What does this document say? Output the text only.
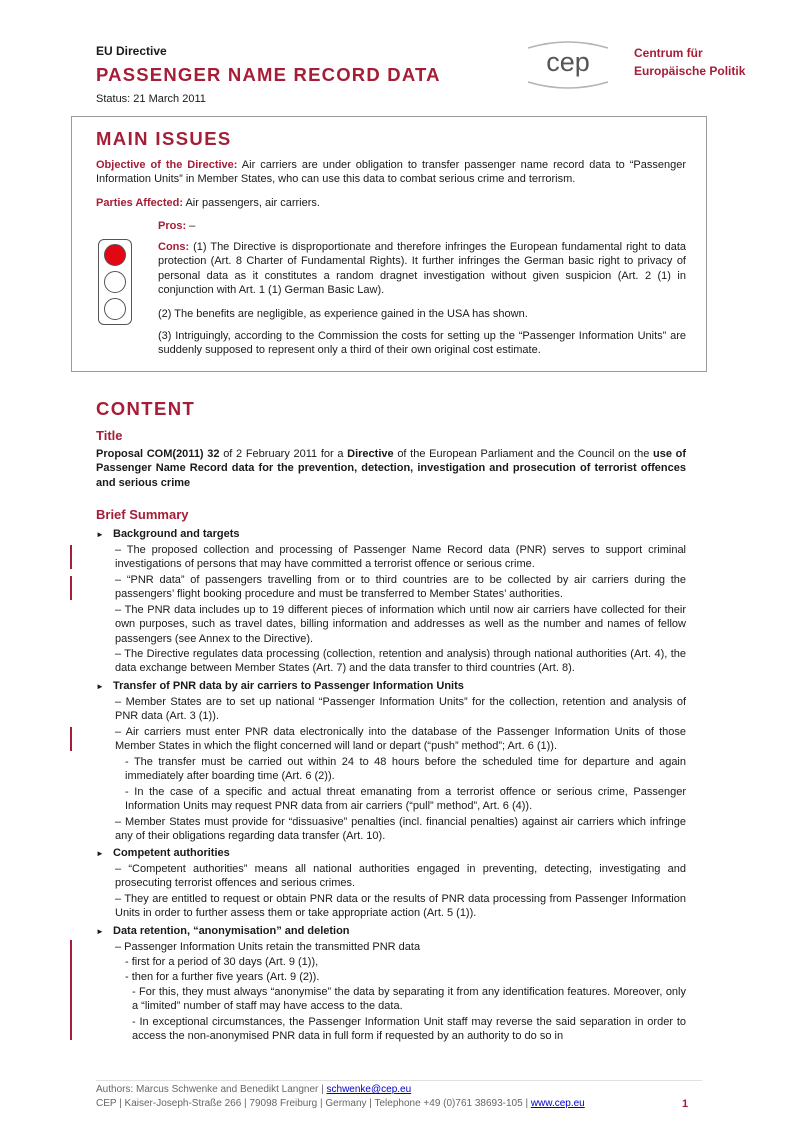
EU Directive
PASSENGER NAME RECORD DATA
Status: 21 March 2011
cep	Centrum für
Europäische Politik
MAIN ISSUES
Objective of the Directive: Air carriers are under obligation to transfer passenger name record data to “Passenger Information Units” in Member States, who can use this data to combat serious crime and terrorism.
Parties Affected: Air passengers, air carriers.
Pros: –
Cons: (1) The Directive is disproportionate and therefore infringes the European fundamental right to data protection (Art. 8 Charter of Fundamental Rights). It further infringes the German basic right to privacy of personal data as it constitutes a random dragnet investigation without given suspicion (Art. 2 (1) in conjunction with Art. 1 (1) German Basic Law).
(2) The benefits are negligible, as experience gained in the USA has shown.
(3) Intriguingly, according to the Commission the costs for setting up the “Passenger Information Units” are suddenly supposed to represent only a third of their own original cost estimate.
CONTENT
Title
Proposal COM(2011) 32 of 2 February 2011 for a Directive of the European Parliament and the Council on the use of Passenger Name Record data for the prevention, detection, investigation and prosecution of terrorist offences and serious crime
Brief Summary
► Background and targets
– The proposed collection and processing of Passenger Name Record data (PNR) serves to support criminal investigations of persons that may have committed a terrorist offence or serious crime.
– “PNR data” of passengers travelling from or to third countries are to be collected by air carriers during the passengers’ flight booking procedure and must be transferred to Member States’ authorities.
– The PNR data includes up to 19 different pieces of information which until now air carriers have collected for their own purposes, such as travel dates, billing information and addresses as well as the number and names of fellow passengers (see Annex to the Directive).
– The Directive regulates data processing (collection, retention and analysis) through national authorities (Art. 4), the data exchange between Member States (Art. 7) and the data transfer to third countries (Art. 8).
► Transfer of PNR data by air carriers to Passenger Information Units
– Member States are to set up national “Passenger Information Units” for the collection, retention and analysis of PNR data (Art. 3 (1)).
– Air carriers must enter PNR data electronically into the database of the Passenger Information Units of those Member States in which the flight concerned will land or depart (“push” method”; Art. 6 (1)).
- The transfer must be carried out within 24 to 48 hours before the scheduled time for departure and again immediately after boarding time (Art. 6 (2)).
- In the case of a specific and actual threat emanating from a terrorist offence or serious crime, Passenger Information Units may request PNR data from air carriers (“pull” method”, Art. 6 (4)).
– Member States must provide for “dissuasive” penalties (incl. financial penalties) against air carriers which infringe any of their obligations regarding data transfer (Art. 10).
► Competent authorities
– “Competent authorities” means all national authorities engaged in preventing, detecting, investigating and prosecuting terrorist offences and serious crimes.
– They are entitled to request or obtain PNR data or the results of PNR data processing from Passenger Information Units in order to further assess them or take appropriate action (Art. 5 (1)).
► Data retention, “anonymisation” and deletion
– Passenger Information Units retain the transmitted PNR data
- first for a period of 30 days (Art. 9 (1)),
- then for a further five years (Art. 9 (2)).
- For this, they must always “anonymise” the data by separating it from any identification features. Moreover, only a “limited” number of staff may have access to the data.
- In exceptional circumstances, the Passenger Information Unit staff may reverse the said separation in order to access the non-anonymised PNR data in full form if requested by an authority to do so in
Authors: Marcus Schwenke and Benedikt Langner | schwenke@cep.eu
CEP | Kaiser-Joseph-Straße 266 | 79098 Freiburg | Germany | Telephone +49 (0)761 38693-105 | www.cep.eu	1
